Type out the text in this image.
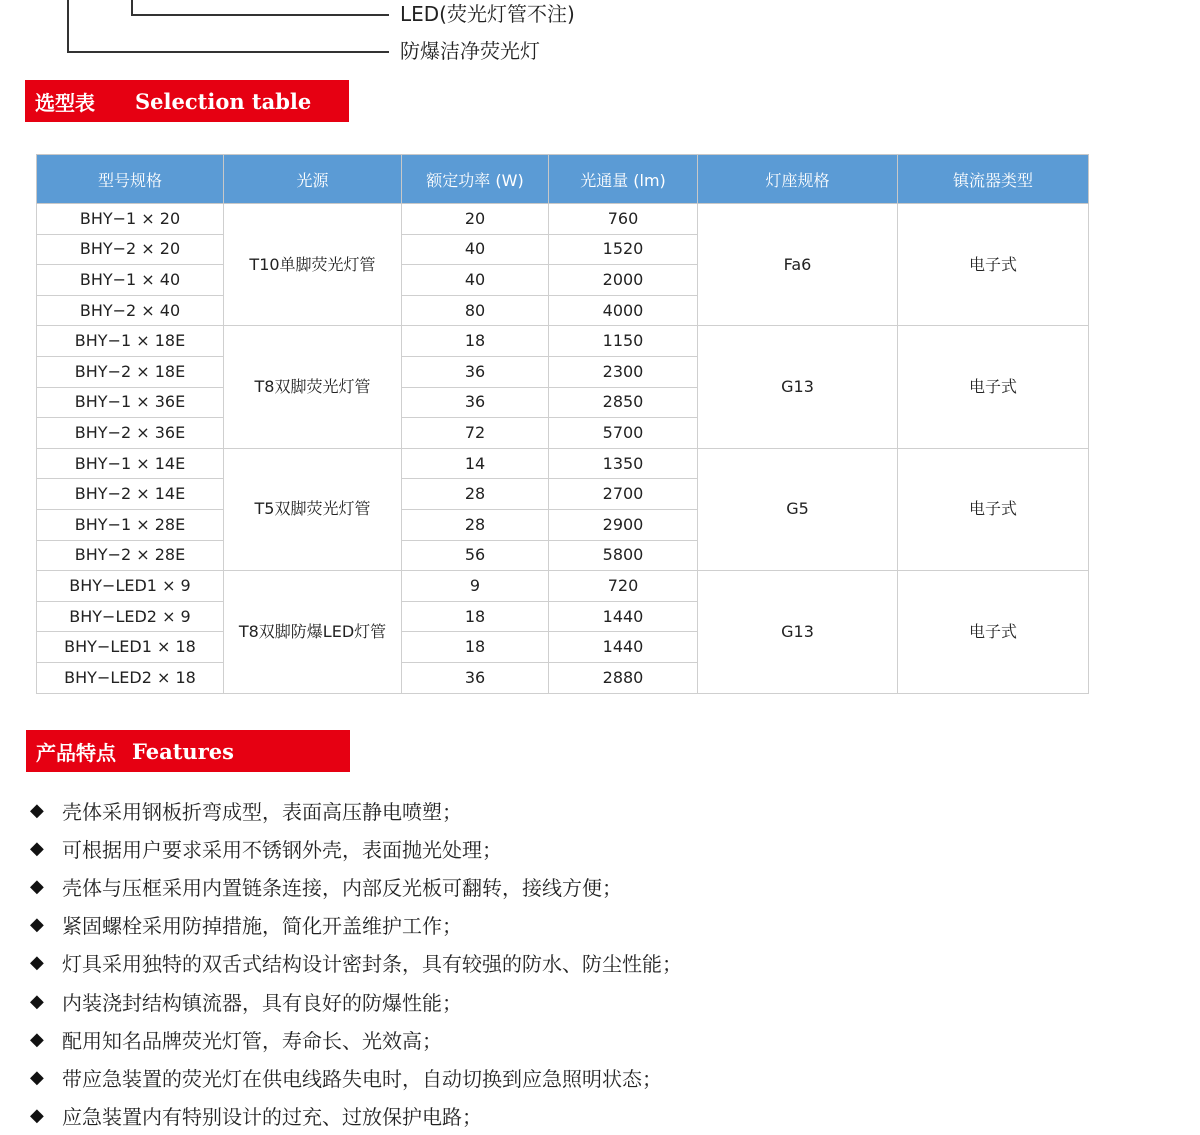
LED(荧光灯管不注)
防爆洁净荧光灯
选型表 Selection table
型号规格	光源	额定功率 (W)	光通量 (lm)	灯座规格	镇流器类型
BHY−1 × 20	T10单脚荧光灯管	20	760	Fa6	电子式
BHY−2 × 20		40	1520		
BHY−1 × 40		40	2000		
BHY−2 × 40		80	4000		
BHY−1 × 18E	T8双脚荧光灯管	18	1150	G13	电子式
BHY−2 × 18E		36	2300		
BHY−1 × 36E		36	2850		
BHY−2 × 36E		72	5700		
BHY−1 × 14E	T5双脚荧光灯管	14	1350	G5	电子式
BHY−2 × 14E		28	2700		
BHY−1 × 28E		28	2900		
BHY−2 × 28E		56	5800		
BHY−LED1 × 9	T8双脚防爆LED灯管	9	720	G13	电子式
BHY−LED2 × 9		18	1440		
BHY−LED1 × 18		18	1440		
BHY−LED2 × 18		36	2880		
产品特点 Features
◆ 壳体采用钢板折弯成型，表面高压静电喷塑；
◆ 可根据用户要求采用不锈钢外壳，表面抛光处理；
◆ 壳体与压框采用内置链条连接，内部反光板可翻转，接线方便；
◆ 紧固螺栓采用防掉措施，简化开盖维护工作；
◆ 灯具采用独特的双舌式结构设计密封条，具有较强的防水、防尘性能；
◆ 内装浇封结构镇流器，具有良好的防爆性能；
◆ 配用知名品牌荧光灯管，寿命长、光效高；
◆ 带应急装置的荧光灯在供电线路失电时，自动切换到应急照明状态；
◆ 应急装置内有特别设计的过充、过放保护电路；
